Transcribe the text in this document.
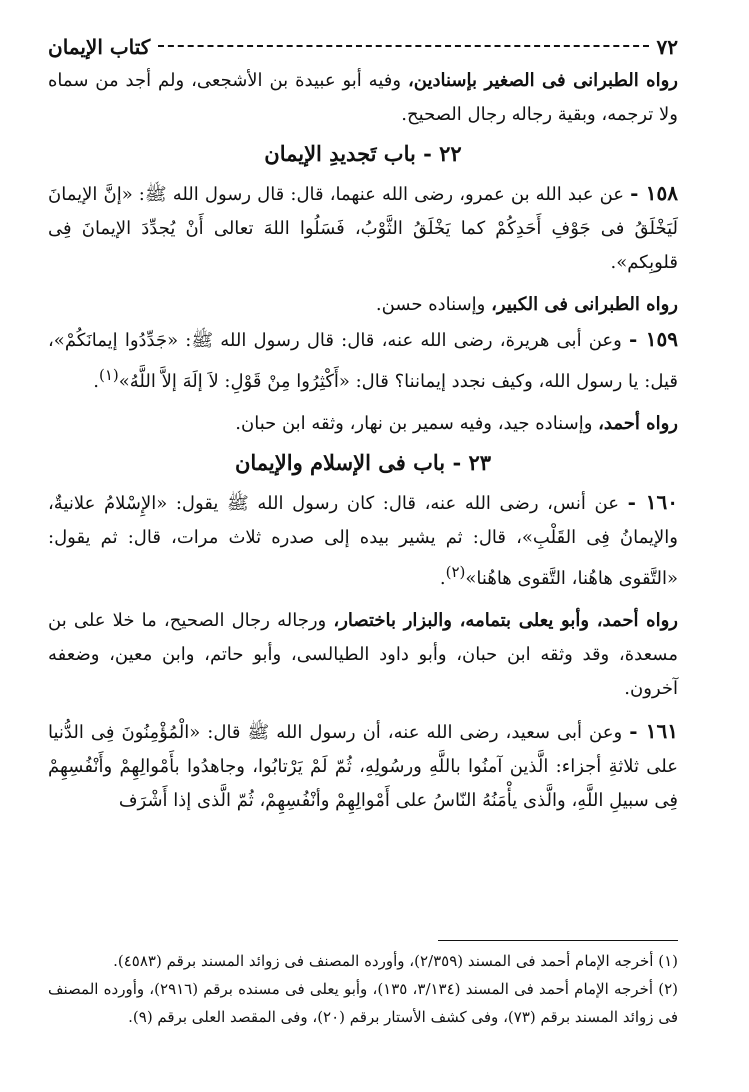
٧٢
كتاب الإيمان

رواه الطبرانى فى الصغير بإسنادين، وفيه أبو عبيدة بن الأشجعى، ولم أجد من سماه ولا ترجمه، وبقية رجاله رجال الصحيح.

٢٢ - باب تَجديدِ الإيمان

١٥٨ - عن عبد الله بن عمرو، رضى الله عنهما، قال: قال رسول الله ﷺ: «إنَّ الإيمانَ لَيَخْلَقُ فى جَوْفِ أَحَدِكُمْ كما يَخْلَقُ الثَّوْبُ، فَسَلُوا اللهَ تعالى أَنْ يُجدِّدَ الإيمانَ فِى قلوبِكم».

رواه الطبرانى فى الكبير، وإسناده حسن.

١٥٩ - وعن أبى هريرة، رضى الله عنه، قال: قال رسول الله ﷺ: «جَدِّدُوا إيمانَكُمْ»، قيل: يا رسول الله، وكيف نجدد إيماننا؟ قال: «أَكْثِرُوا مِنْ قَوْلِ: لاَ إلَهَ إلاَّ اللَّهُ»$^{(١)}$.

رواه أحمد، وإسناده جيد، وفيه سمير بن نهار، وثقه ابن حبان.

٢٣ - باب فى الإسلام والإيمان

١٦٠ - عن أنس، رضى الله عنه، قال: كان رسول الله ﷺ يقول: «الإِسْلامُ علانيةٌ، والإيمانُ فِى القَلْبِ»، قال: ثم يشير بيده إلى صدره ثلاث مرات، قال: ثم يقول: «التَّقوى هاهُنا، التَّقوى هاهُنا»$^{(٢)}$.

رواه أحمد، وأبو يعلى بتمامه، والبزار باختصار، ورجاله رجال الصحيح، ما خلا على بن مسعدة، وقد وثقه ابن حبان، وأبو داود الطيالسى، وأبو حاتم، وابن معين، وضعفه آخرون.

١٦١ - وعن أبى سعيد، رضى الله عنه، أن رسول الله ﷺ قال: «الْمُؤْمِنُونَ فِى الدُّنيا على ثلاثةِ أجزاء: الَّذين آمنُوا باللَّهِ ورسُولِهِ، ثُمّ لَمْ يَرْتابُوا، وجاهدُوا بأَمْوالِهِمْ وأَنْفُسِهِمْ فِى سبيلِ اللَّهِ، والَّذى يأْمَنُهُ النّاسُ على أَمْوالِهِمْ وأنْفُسِهِمْ، ثُمّ الَّذى إذا أَشْرَف

(١) أخرجه الإمام أحمد فى المسند (٢/٣٥٩)، وأورده المصنف فى زوائد المسند برقم (٤٥٨٣).

(٢) أخرجه الإمام أحمد فى المسند (٣/١٣٤، ١٣٥)، وأبو يعلى فى مسنده برقم (٢٩١٦)، وأورده المصنف فى زوائد المسند برقم (٧٣)، وفى كشف الأستار برقم (٢٠)، وفى المقصد العلى برقم (٩).
